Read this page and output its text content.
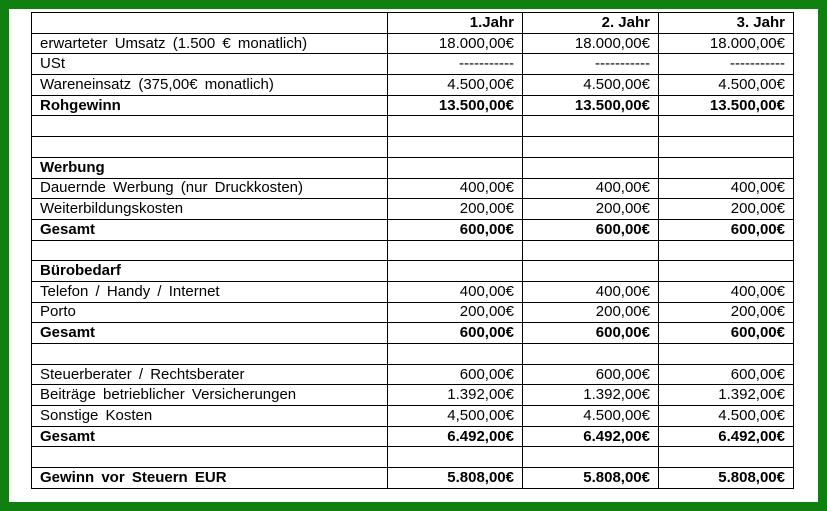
	1.Jahr	2. Jahr	3. Jahr
erwarteter Umsatz (1.500 € monatlich)	18.000,00€	18.000,00€	18.000,00€
USt	-----------	-----------	-----------
Wareneinsatz (375,00€ monatlich)	4.500,00€	4.500,00€	4.500,00€
Rohgewinn	13.500,00€	13.500,00€	13.500,00€

Werbung			
Dauernde Werbung (nur Druckkosten)	400,00€	400,00€	400,00€
Weiterbildungskosten	200,00€	200,00€	200,00€
Gesamt	600,00€	600,00€	600,00€

Bürobedarf			
Telefon / Handy / Internet	400,00€	400,00€	400,00€
Porto	200,00€	200,00€	200,00€
Gesamt	600,00€	600,00€	600,00€

Steuerberater / Rechtsberater	600,00€	600,00€	600,00€
Beiträge betrieblicher Versicherungen	1.392,00€	1.392,00€	1.392,00€
Sonstige Kosten	4,500,00€	4.500,00€	4.500,00€
Gesamt	6.492,00€	6.492,00€	6.492,00€

Gewinn vor Steuern EUR	5.808,00€	5.808,00€	5.808,00€
